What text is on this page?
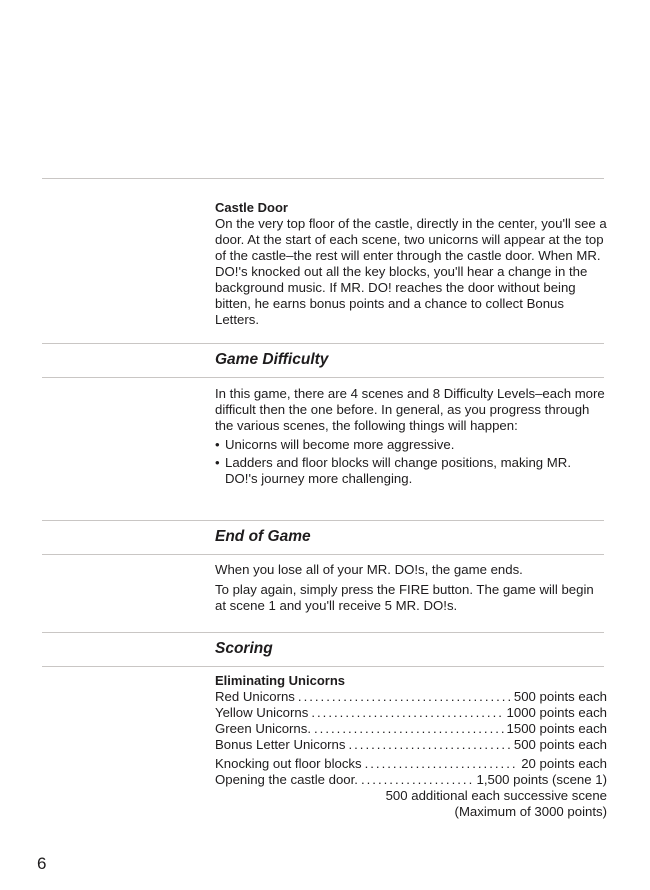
Castle Door

On the very top floor of the castle, directly in the center, you'll see a door. At the start of each scene, two unicorns will appear at the top of the castle–the rest will enter through the castle door. When MR. DO!'s knocked out all the key blocks, you'll hear a change in the background music. If MR. DO! reaches the door without being bitten, he earns bonus points and a chance to collect Bonus Letters.

Game Difficulty

In this game, there are 4 scenes and 8 Difficulty Levels–each more difficult then the one before. In general, as you progress through the various scenes, the following things will happen:

• Unicorns will become more aggressive.
• Ladders and floor blocks will change positions, making MR. DO!'s journey more challenging.
End of Game

When you lose all of your MR. DO!s, the game ends.

To play again, simply press the FIRE button. The game will begin at scene 1 and you'll receive 5 MR. DO!s.

Scoring
Eliminating Unicorns
Red Unicorns .....	500 points each
Yellow Unicorns .....	1000 points each
Green Unicorns. .....	1500 points each
Bonus Letter Unicorns .....	500 points each
Knocking out floor blocks .....	20 points each
Opening the castle door. .....	1,500 points (scene 1)
500 additional each successive scene
(Maximum of 3000 points)
6
